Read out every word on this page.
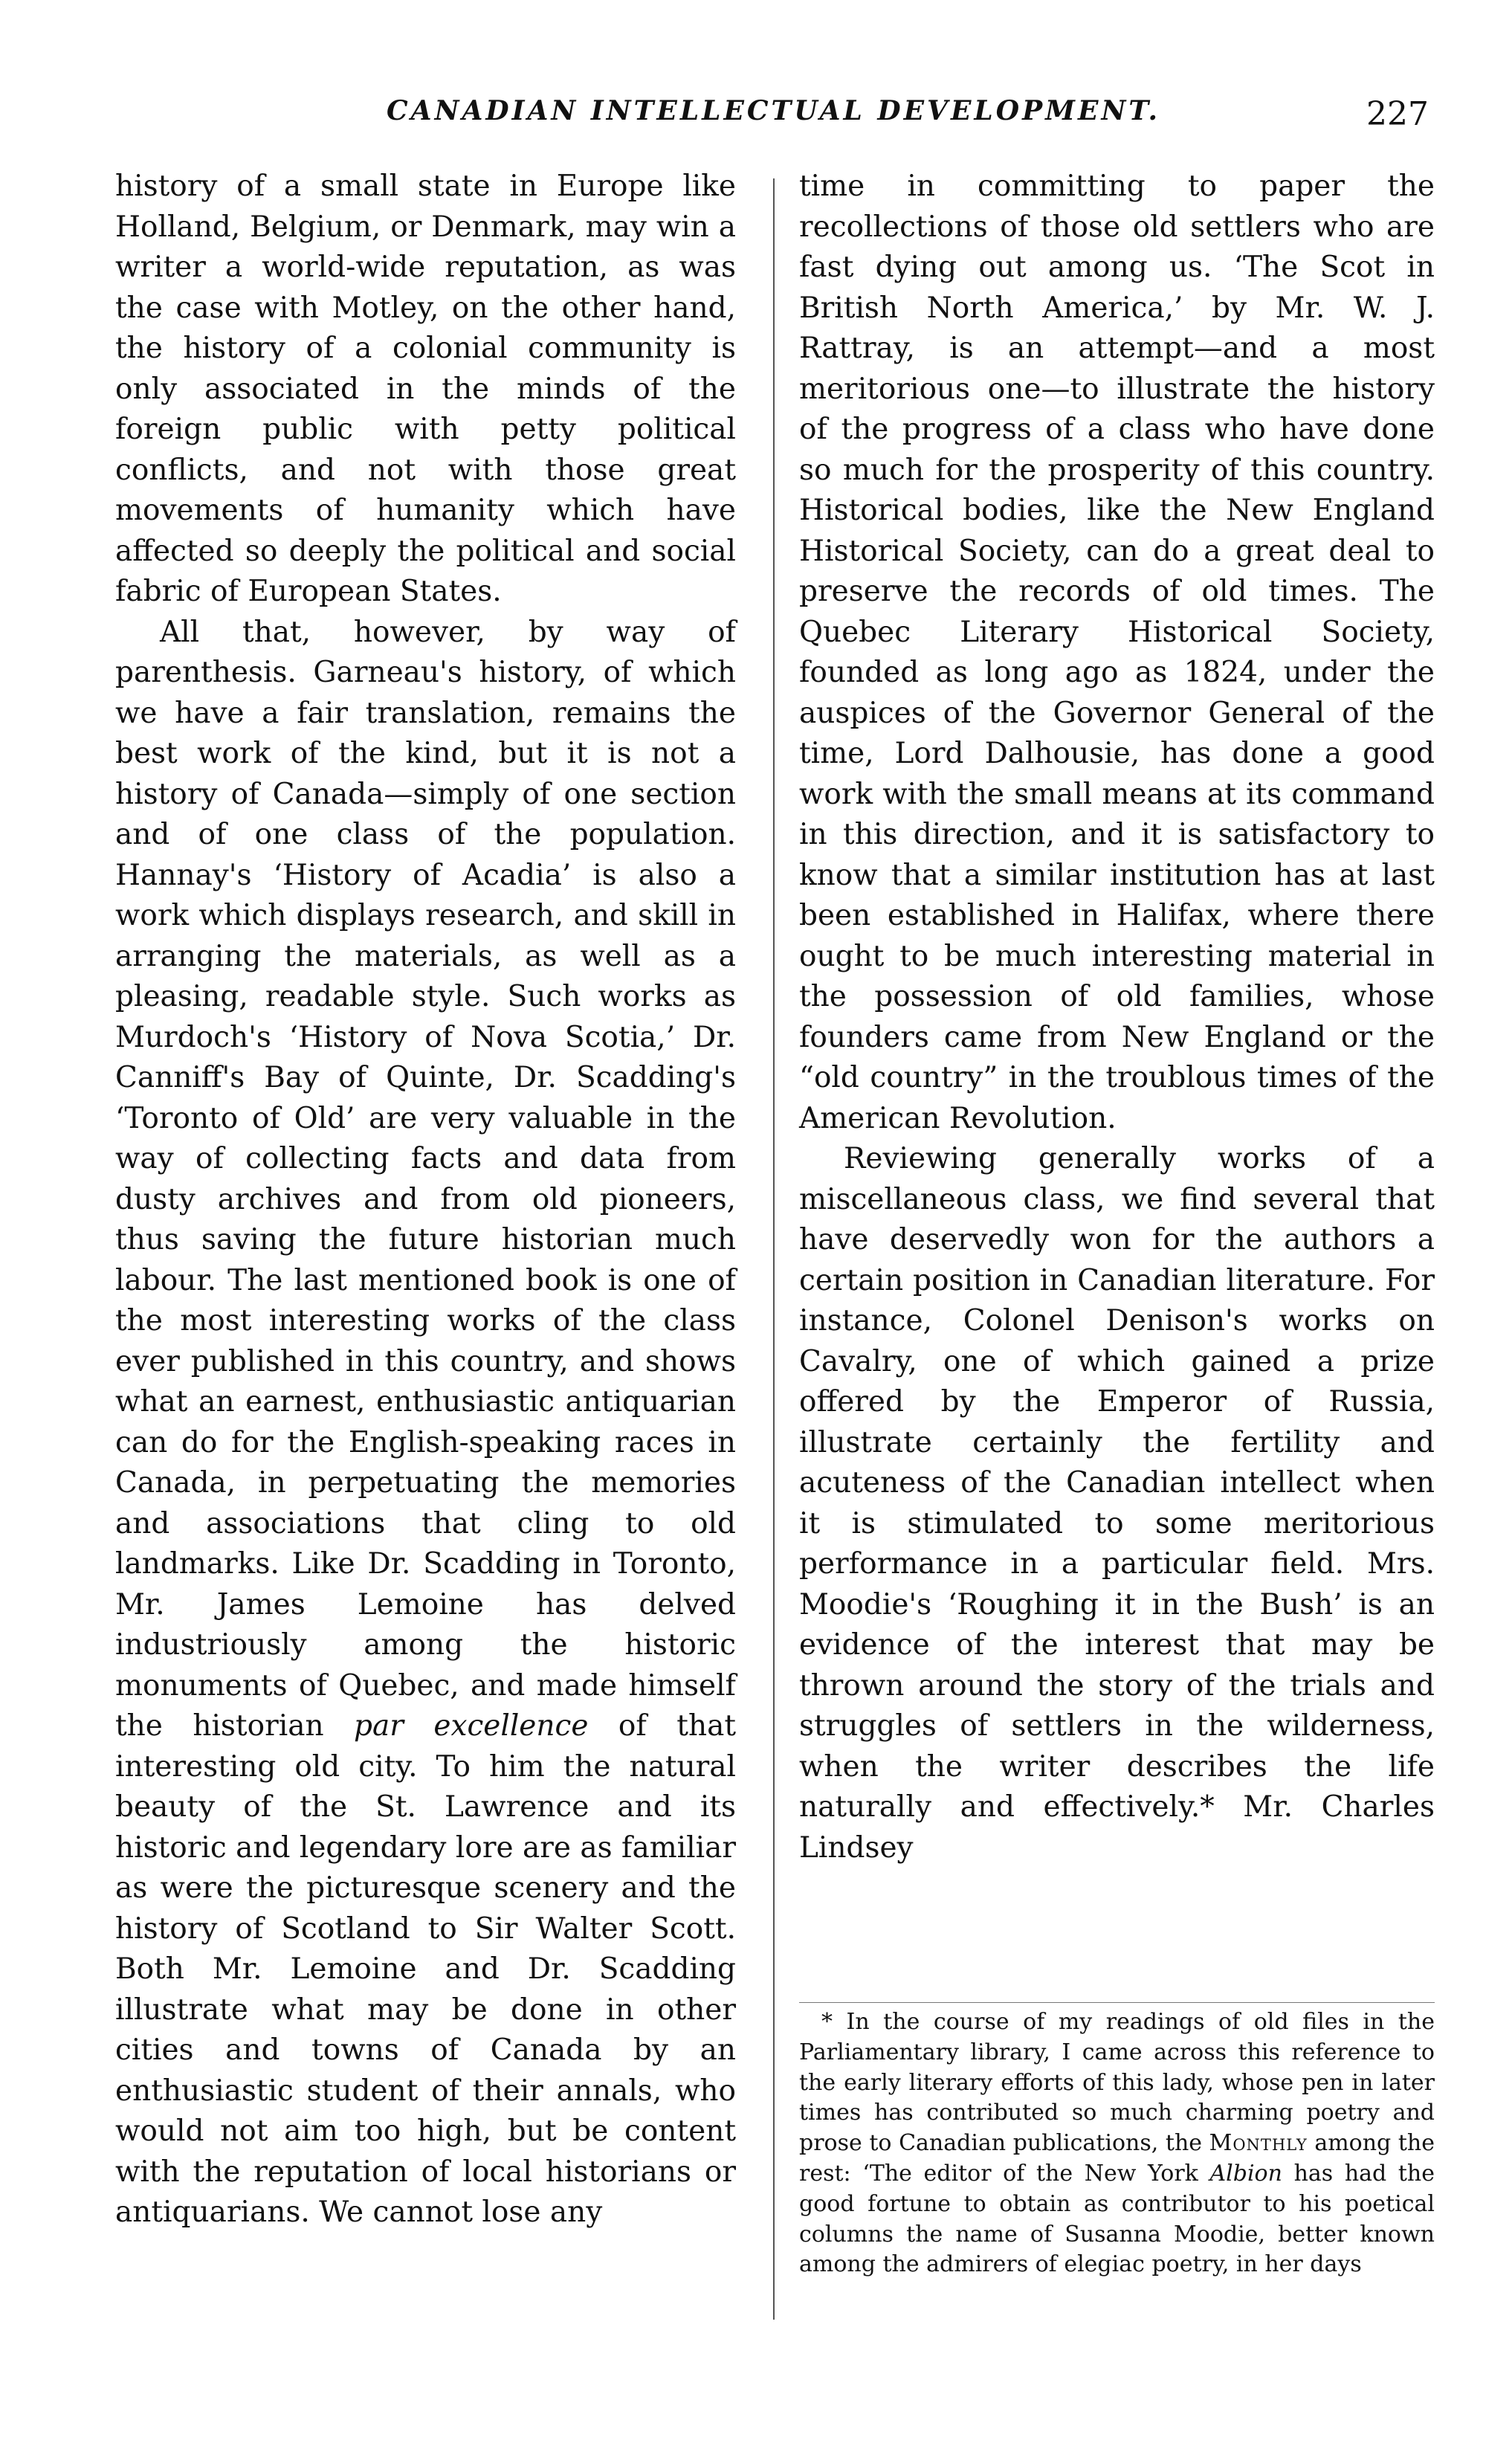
CANADIAN INTELLECTUAL DEVELOPMENT.	227

history of a small state in Europe like Holland, Belgium, or Denmark, may win a writer a world-wide reputation, as was the case with Motley, on the other hand, the history of a colonial community is only associated in the minds of the foreign public with petty political conflicts, and not with those great movements of humanity which have affected so deeply the political and social fabric of European States.

All that, however, by way of parenthesis. Garneau's history, of which we have a fair translation, remains the best work of the kind, but it is not a history of Canada—simply of one section and of one class of the population. Hannay's ‘History of Acadia’ is also a work which displays research, and skill in arranging the materials, as well as a pleasing, readable style. Such works as Murdoch's ‘History of Nova Scotia,’ Dr. Canniff's Bay of Quinte, Dr. Scadding's ‘Toronto of Old’ are very valuable in the way of collecting facts and data from dusty archives and from old pioneers, thus saving the future historian much labour. The last mentioned book is one of the most interesting works of the class ever published in this country, and shows what an earnest, enthusiastic antiquarian can do for the English-speaking races in Canada, in perpetuating the memories and associations that cling to old landmarks. Like Dr. Scadding in Toronto, Mr. James Lemoine has delved industriously among the historic monuments of Quebec, and made himself the historian par excellence of that interesting old city. To him the natural beauty of the St. Lawrence and its historic and legendary lore are as familiar as were the picturesque scenery and the history of Scotland to Sir Walter Scott. Both Mr. Lemoine and Dr. Scadding illustrate what may be done in other cities and towns of Canada by an enthusiastic student of their annals, who would not aim too high, but be content with the reputation of local historians or antiquarians. We cannot lose any

time in committing to paper the recollections of those old settlers who are fast dying out among us. ‘The Scot in British North America,’ by Mr. W. J. Rattray, is an attempt—and a most meritorious one—to illustrate the history of the progress of a class who have done so much for the prosperity of this country. Historical bodies, like the New England Historical Society, can do a great deal to preserve the records of old times. The Quebec Literary Historical Society, founded as long ago as 1824, under the auspices of the Governor General of the time, Lord Dalhousie, has done a good work with the small means at its command in this direction, and it is satisfactory to know that a similar institution has at last been established in Halifax, where there ought to be much interesting material in the possession of old families, whose founders came from New England or the “old country” in the troublous times of the American Revolution.

Reviewing generally works of a miscellaneous class, we find several that have deservedly won for the authors a certain position in Canadian literature. For instance, Colonel Denison's works on Cavalry, one of which gained a prize offered by the Emperor of Russia, illustrate certainly the fertility and acuteness of the Canadian intellect when it is stimulated to some meritorious performance in a particular field. Mrs. Moodie's ‘Roughing it in the Bush’ is an evidence of the interest that may be thrown around the story of the trials and struggles of settlers in the wilderness, when the writer describes the life naturally and effectively.* Mr. Charles Lindsey

* In the course of my readings of old files in the Parliamentary library, I came across this reference to the early literary efforts of this lady, whose pen in later times has contributed so much charming poetry and prose to Canadian publications, the Monthly among the rest: ‘The editor of the New York Albion has had the good fortune to obtain as contributor to his poetical columns the name of Susanna Moodie, better known among the admirers of elegiac poetry, in her days
